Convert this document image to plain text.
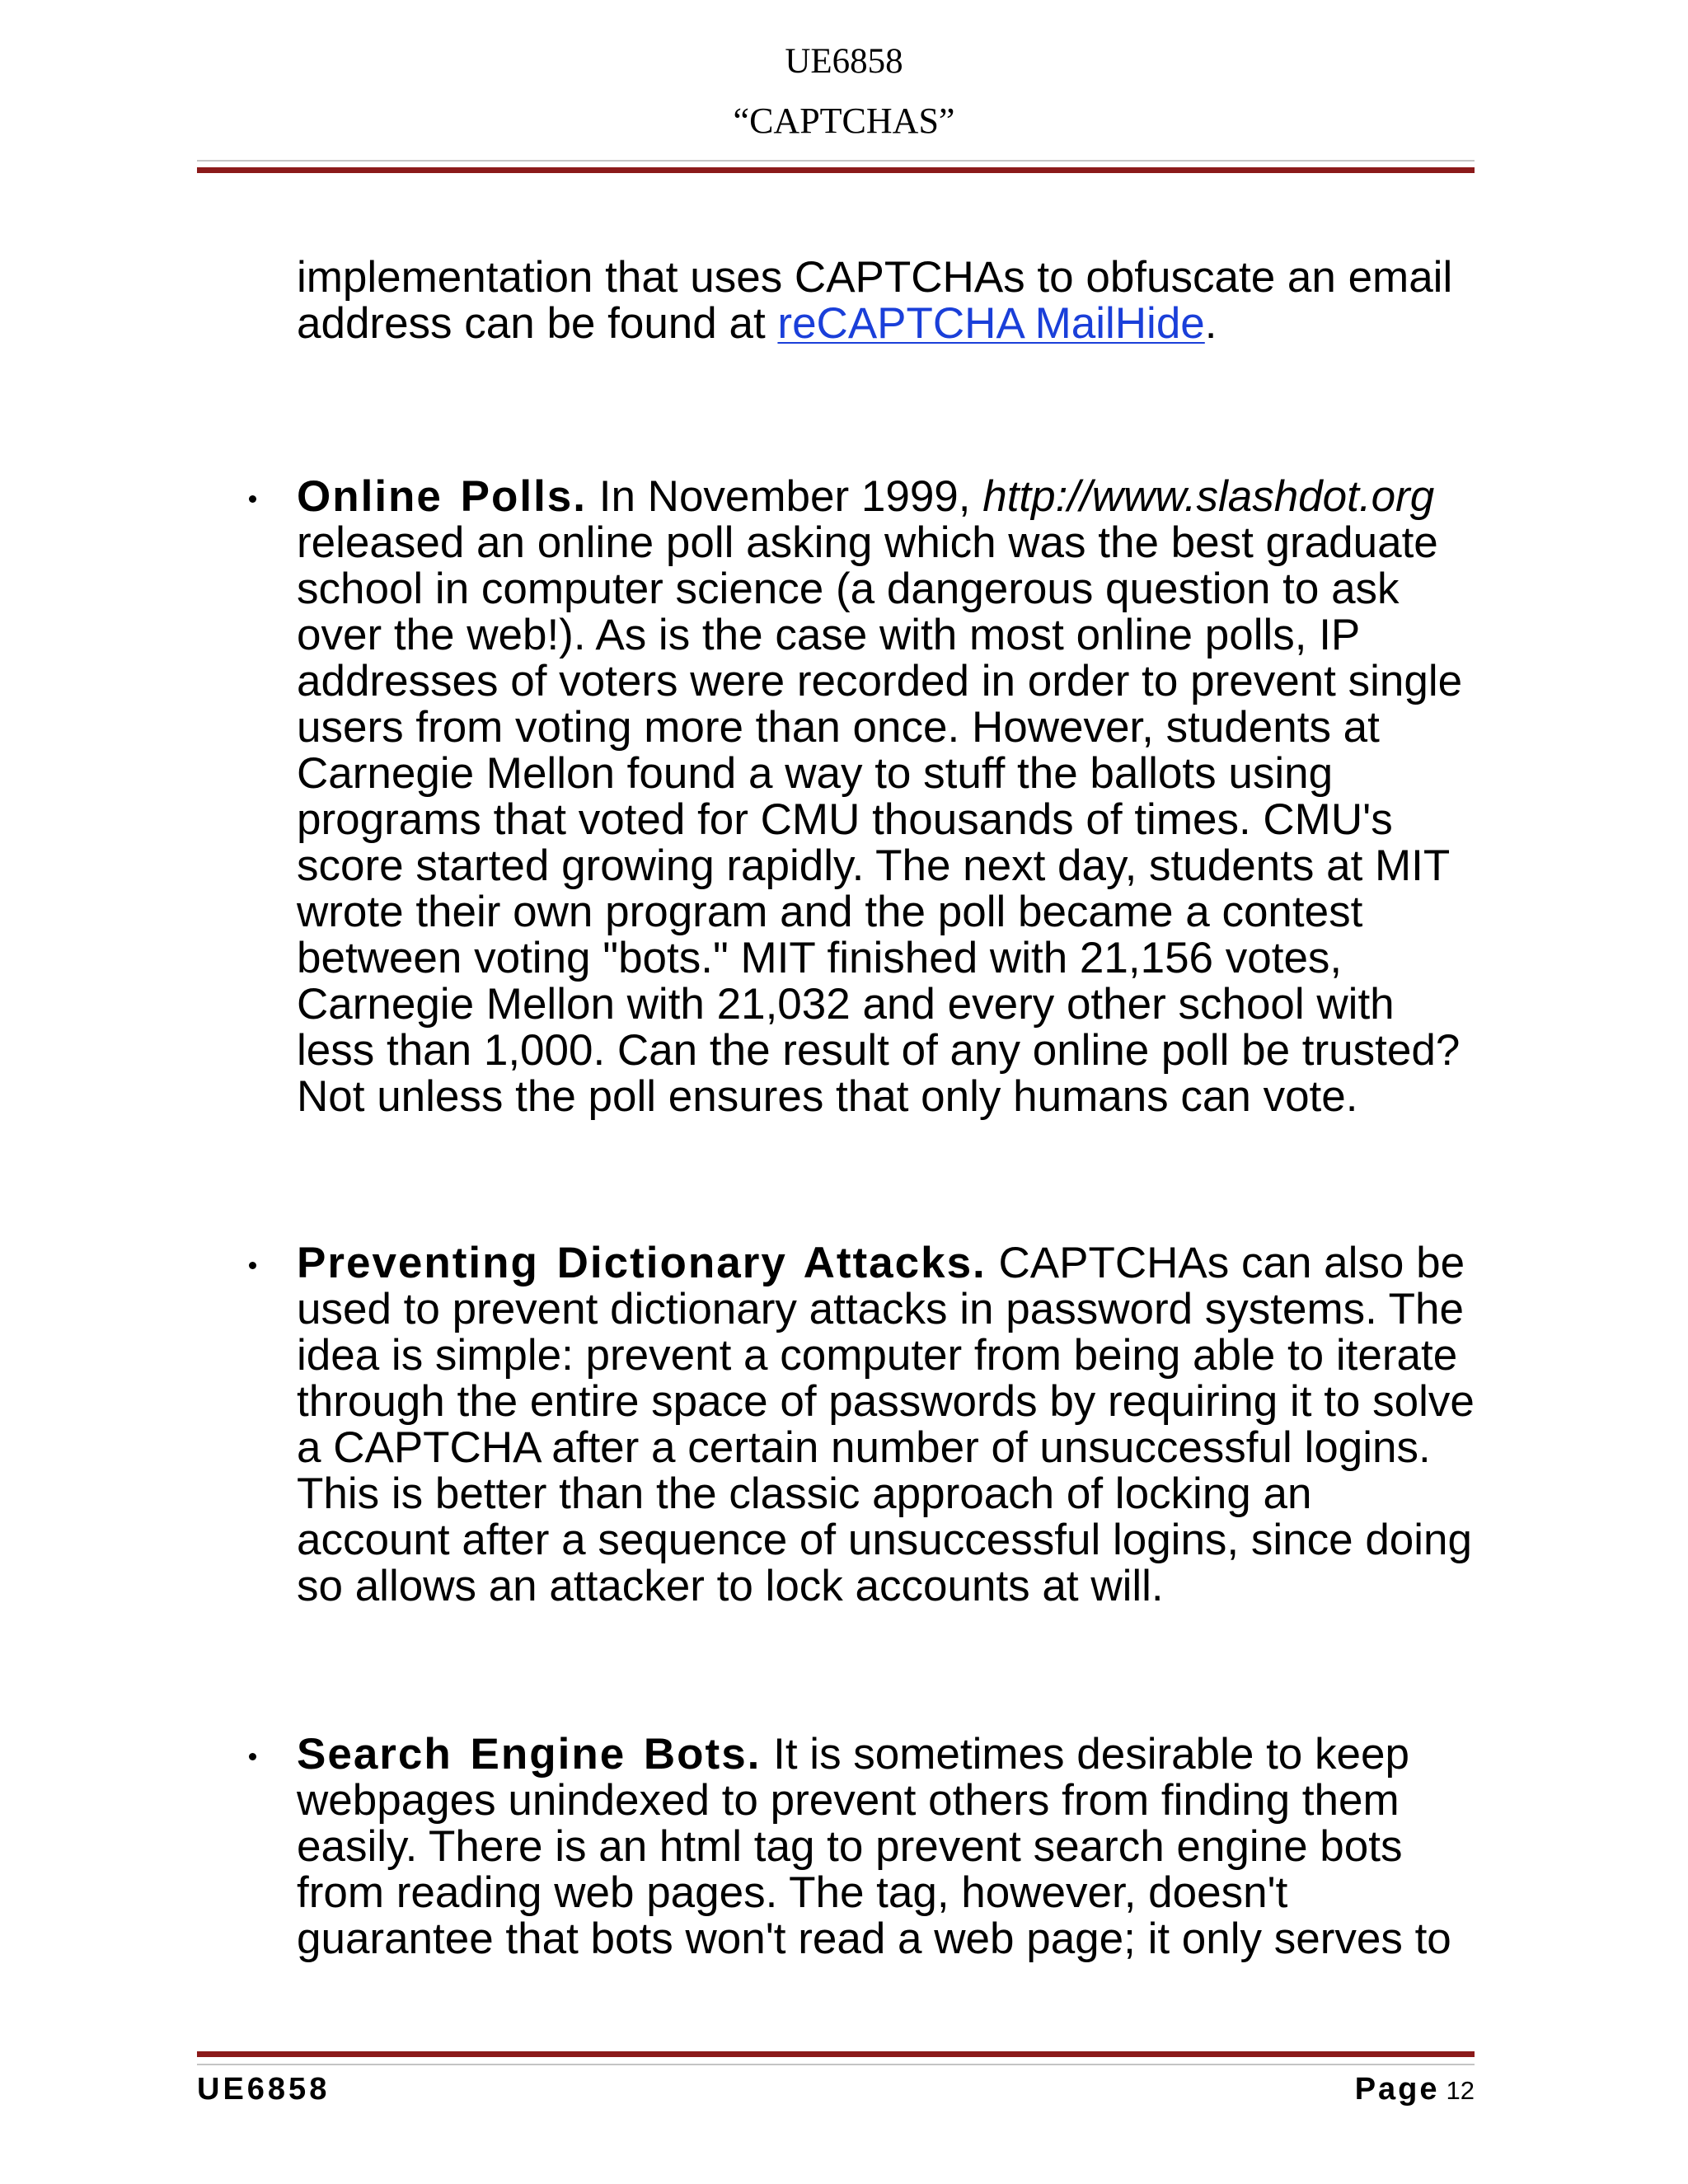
UE6858
“CAPTCHAS”
implementation that uses CAPTCHAs to obfuscate an email
address can be found at reCAPTCHA MailHide.
Online Polls. In November 1999, http://www.slashdot.org
released an online poll asking which was the best graduate
school in computer science (a dangerous question to ask
over the web!). As is the case with most online polls, IP
addresses of voters were recorded in order to prevent single
users from voting more than once. However, students at
Carnegie Mellon found a way to stuff the ballots using
programs that voted for CMU thousands of times. CMU's
score started growing rapidly. The next day, students at MIT
wrote their own program and the poll became a contest
between voting "bots." MIT finished with 21,156 votes,
Carnegie Mellon with 21,032 and every other school with
less than 1,000. Can the result of any online poll be trusted?
Not unless the poll ensures that only humans can vote.
Preventing Dictionary Attacks. CAPTCHAs can also be
used to prevent dictionary attacks in password systems. The
idea is simple: prevent a computer from being able to iterate
through the entire space of passwords by requiring it to solve
a CAPTCHA after a certain number of unsuccessful logins.
This is better than the classic approach of locking an
account after a sequence of unsuccessful logins, since doing
so allows an attacker to lock accounts at will.
Search Engine Bots. It is sometimes desirable to keep
webpages unindexed to prevent others from finding them
easily. There is an html tag to prevent search engine bots
from reading web pages. The tag, however, doesn't
guarantee that bots won't read a web page; it only serves to
UE6858	Page 12
